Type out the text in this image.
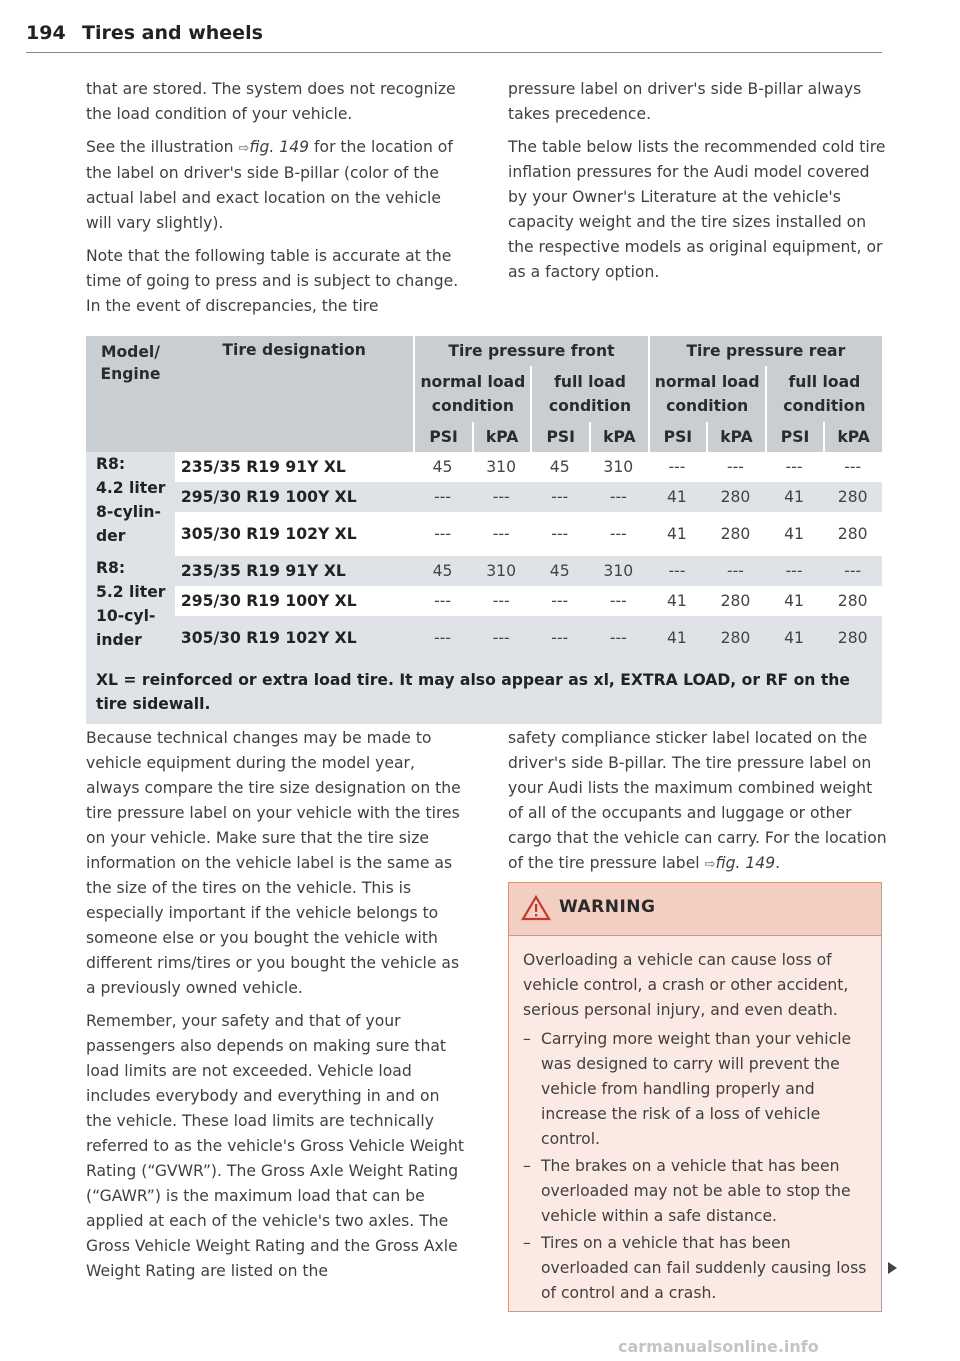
194 Tires and wheels

that are stored. The system does not recognize the load condition of your vehicle.

See the illustration ⇨fig. 149 for the location of the label on driver's side B-pillar (color of the actual label and exact location on the vehicle will vary slightly).

Note that the following table is accurate at the time of going to press and is subject to change. In the event of discrepancies, the tire

pressure label on driver's side B-pillar always takes precedence.

The table below lists the recommended cold tire inflation pressures for the Audi model covered by your Owner's Literature at the vehicle's capacity weight and the tire sizes installed on the respective models as original equipment, or as a factory option.

Model/ Engine	Tire designation	Tire pressure front				Tire pressure rear			
		normal load condition		full load condition		normal load condition		full load condition	
		PSI	kPA	PSI	kPA	PSI	kPA	PSI	kPA

R8:
4.2 liter
8-cylin-
der	235/35 R19 91Y XL	45	310	45	310	---	---	---	---
	295/30 R19 100Y XL	---	---	---	---	41	280	41	280
	305/30 R19 102Y XL	---	---	---	---	41	280	41	280

R8:
5.2 liter
10-cyl-
inder	235/35 R19 91Y XL	45	310	45	310	---	---	---	---
	295/30 R19 100Y XL	---	---	---	---	41	280	41	280
	305/30 R19 102Y XL	---	---	---	---	41	280	41	280
XL = reinforced or extra load tire. It may also appear as xl, EXTRA LOAD, or RF on the tire sidewall.									

Because technical changes may be made to vehicle equipment during the model year, always compare the tire size designation on the tire pressure label on your vehicle with the tires on your vehicle. Make sure that the tire size information on the vehicle label is the same as the size of the tires on the vehicle. This is especially important if the vehicle belongs to someone else or you bought the vehicle with different rims/tires or you bought the vehicle as a previously owned vehicle.

Remember, your safety and that of your passengers also depends on making sure that load limits are not exceeded. Vehicle load includes everybody and everything in and on the vehicle. These load limits are technically referred to as the vehicle's Gross Vehicle Weight Rating (“GVWR”). The Gross Axle Weight Rating (“GAWR”) is the maximum load that can be applied at each of the vehicle's two axles. The Gross Vehicle Weight Rating and the Gross Axle Weight Rating are listed on the

safety compliance sticker label located on the driver's side B-pillar. The tire pressure label on your Audi lists the maximum combined weight of all of the occupants and luggage or other cargo that the vehicle can carry. For the location of the tire pressure label ⇨fig. 149.

WARNING

Overloading a vehicle can cause loss of vehicle control, a crash or other accident, serious personal injury, and even death.

– Carrying more weight than your vehicle was designed to carry will prevent the vehicle from handling properly and increase the risk of a loss of vehicle control.
– The brakes on a vehicle that has been overloaded may not be able to stop the vehicle within a safe distance.
– Tires on a vehicle that has been overloaded can fail suddenly causing loss of control and a crash.
carmanualsonline.info
